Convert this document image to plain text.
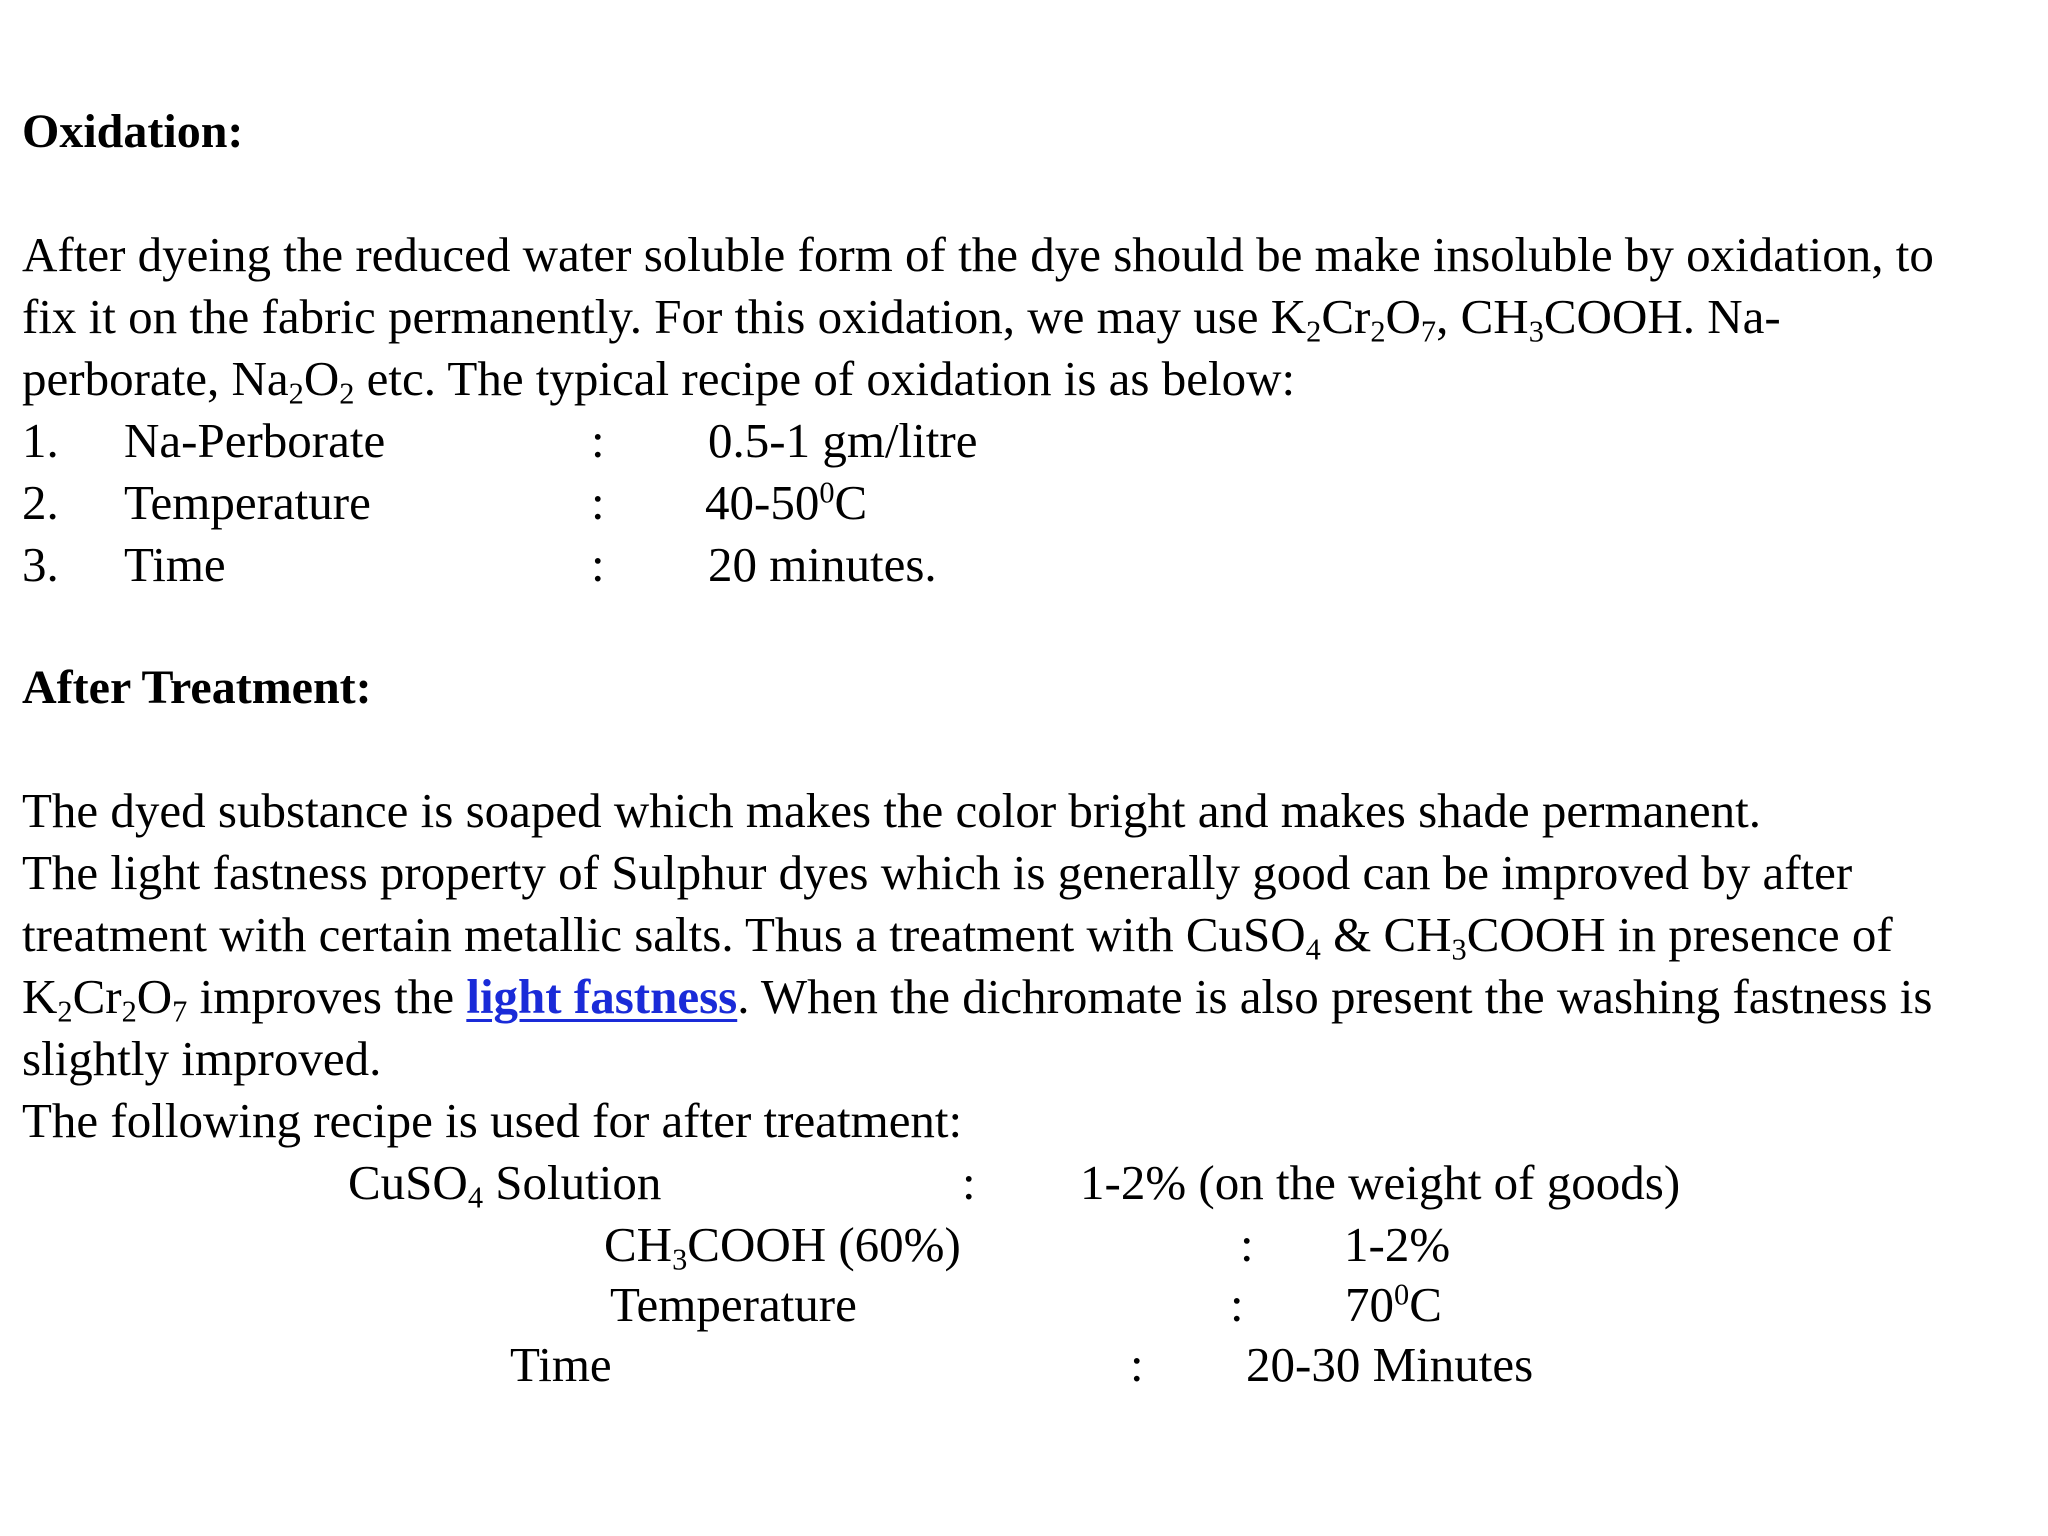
Oxidation:
After dyeing the reduced water soluble form of the dye should be make insoluble by oxidation, to
fix it on the fabric permanently. For this oxidation, we may use $K_2Cr_2O_7$, $CH_3COOH$. Na-
perborate, $Na_2O_2$ etc. The typical recipe of oxidation is as below:
1. Na-Perborate	: 0.5-1 gm/litre
2. Temperature	: $40-50^0C$
3. Time	: 20 minutes.
After Treatment:
The dyed substance is soaped which makes the color bright and makes shade permanent.
The light fastness property of Sulphur dyes which is generally good can be improved by after
treatment with certain metallic salts. Thus a treatment with CuSO$_4$ & $CH_3COOH$ in presence of
$K_2Cr_2O_7$ improves the light fastness. When the dichromate is also present the washing fastness is
slightly improved.
The following recipe is used for after treatment:
CuSO$_4$ Solution	: 1-2% (on the weight of goods)
$CH_3COOH$ (60%)	: 1-2%
Temperature	: $70^0C$
Time	: 20-30 Minutes
